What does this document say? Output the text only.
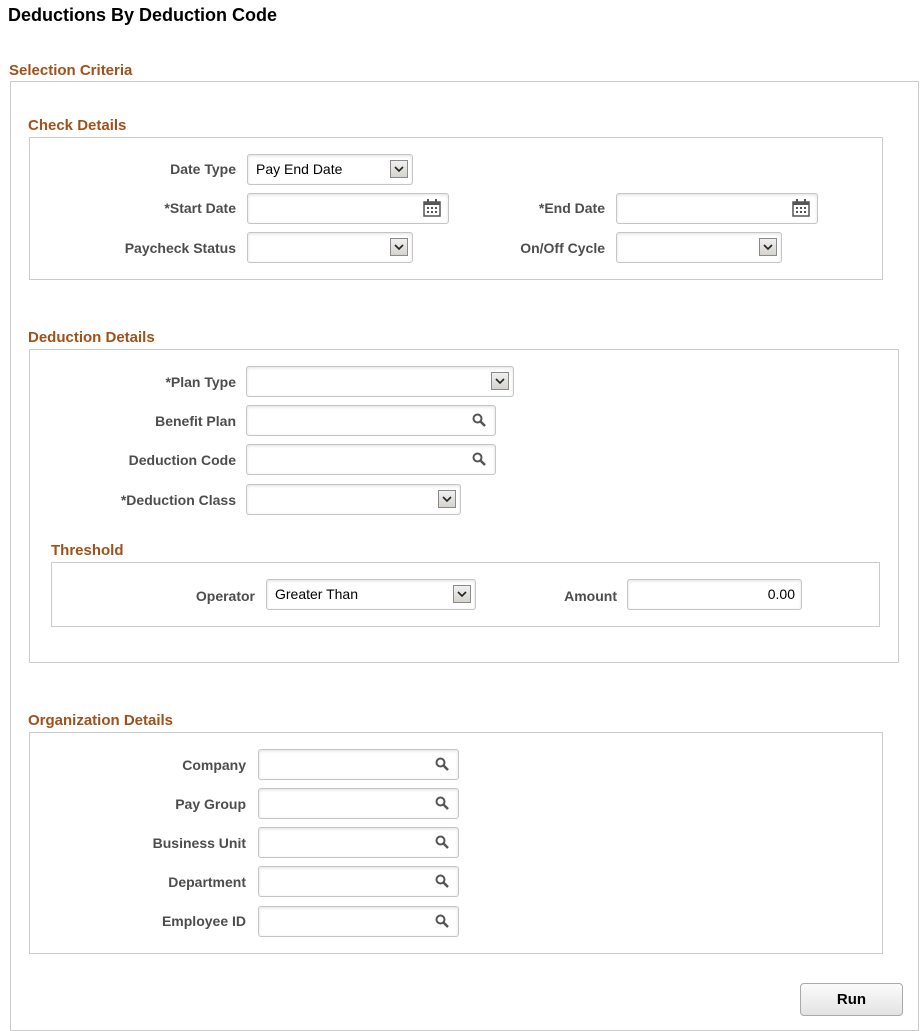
Deductions By Deduction Code
Selection Criteria
Check Details
Date Type Pay End Date
*Start Date	*End Date
Paycheck Status	On/Off Cycle
Deduction Details
*Plan Type
Benefit Plan
Deduction Code
*Deduction Class
Threshold
Operator Greater Than	Amount	0.00
Organization Details
Company
Pay Group
Business Unit
Department
Employee ID
Run
